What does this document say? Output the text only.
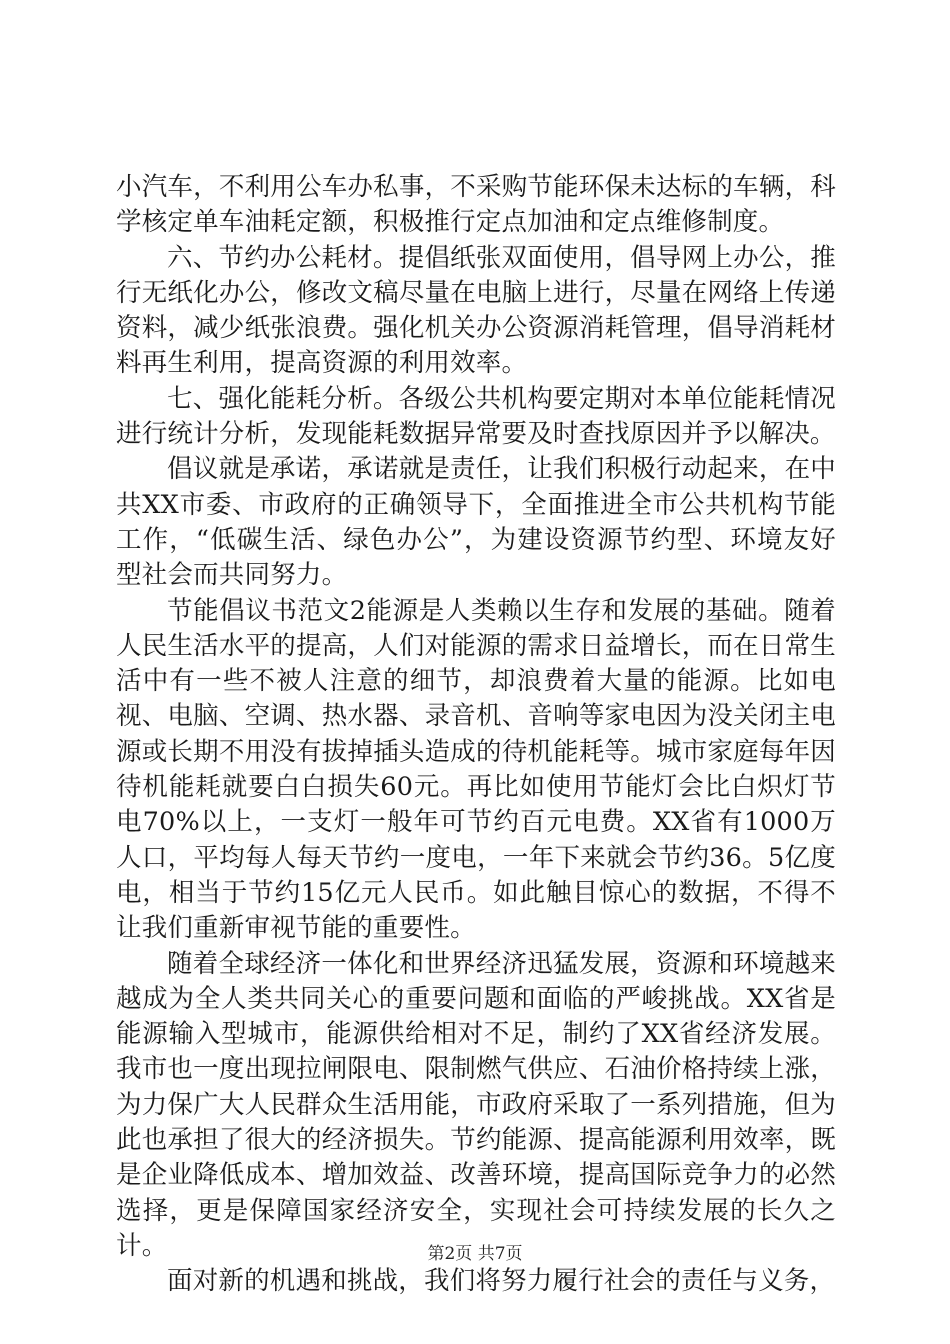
小汽车，不利用公车办私事，不采购节能环保未达标的车辆，科学核定单车油耗定额，积极推行定点加油和定点维修制度。

六、节约办公耗材。提倡纸张双面使用，倡导网上办公，推行无纸化办公，修改文稿尽量在电脑上进行，尽量在网络上传递资料，减少纸张浪费。强化机关办公资源消耗管理，倡导消耗材料再生利用，提高资源的利用效率。

七、强化能耗分析。各级公共机构要定期对本单位能耗情况进行统计分析，发现能耗数据异常要及时查找原因并予以解决。

倡议就是承诺，承诺就是责任，让我们积极行动起来，在中共XX市委、市政府的正确领导下，全面推进全市公共机构节能工作，“低碳生活、绿色办公”，为建设资源节约型、环境友好型社会而共同努力。

节能倡议书范文2能源是人类赖以生存和发展的基础。随着人民生活水平的提高，人们对能源的需求日益增长，而在日常生活中有一些不被人注意的细节，却浪费着大量的能源。比如电视、电脑、空调、热水器、录音机、音响等家电因为没关闭主电源或长期不用没有拔掉插头造成的待机能耗等。城市家庭每年因待机能耗就要白白损失60元。再比如使用节能灯会比白炽灯节电70%以上，一支灯一般年可节约百元电费。XX省有1000万人口，平均每人每天节约一度电，一年下来就会节约36。5亿度电，相当于节约15亿元人民币。如此触目惊心的数据，不得不让我们重新审视节能的重要性。

随着全球经济一体化和世界经济迅猛发展，资源和环境越来越成为全人类共同关心的重要问题和面临的严峻挑战。XX省是能源输入型城市，能源供给相对不足，制约了XX省经济发展。我市也一度出现拉闸限电、限制燃气供应、石油价格持续上涨，为力保广大人民群众生活用能，市政府采取了一系列措施，但为此也承担了很大的经济损失。节约能源、提高能源利用效率，既是企业降低成本、增加效益、改善环境，提高国际竞争力的必然选择，更是保障国家经济安全，实现社会可持续发展的长久之计。

面对新的机遇和挑战，我们将努力履行社会的责任与义务，

第2页 共7页
